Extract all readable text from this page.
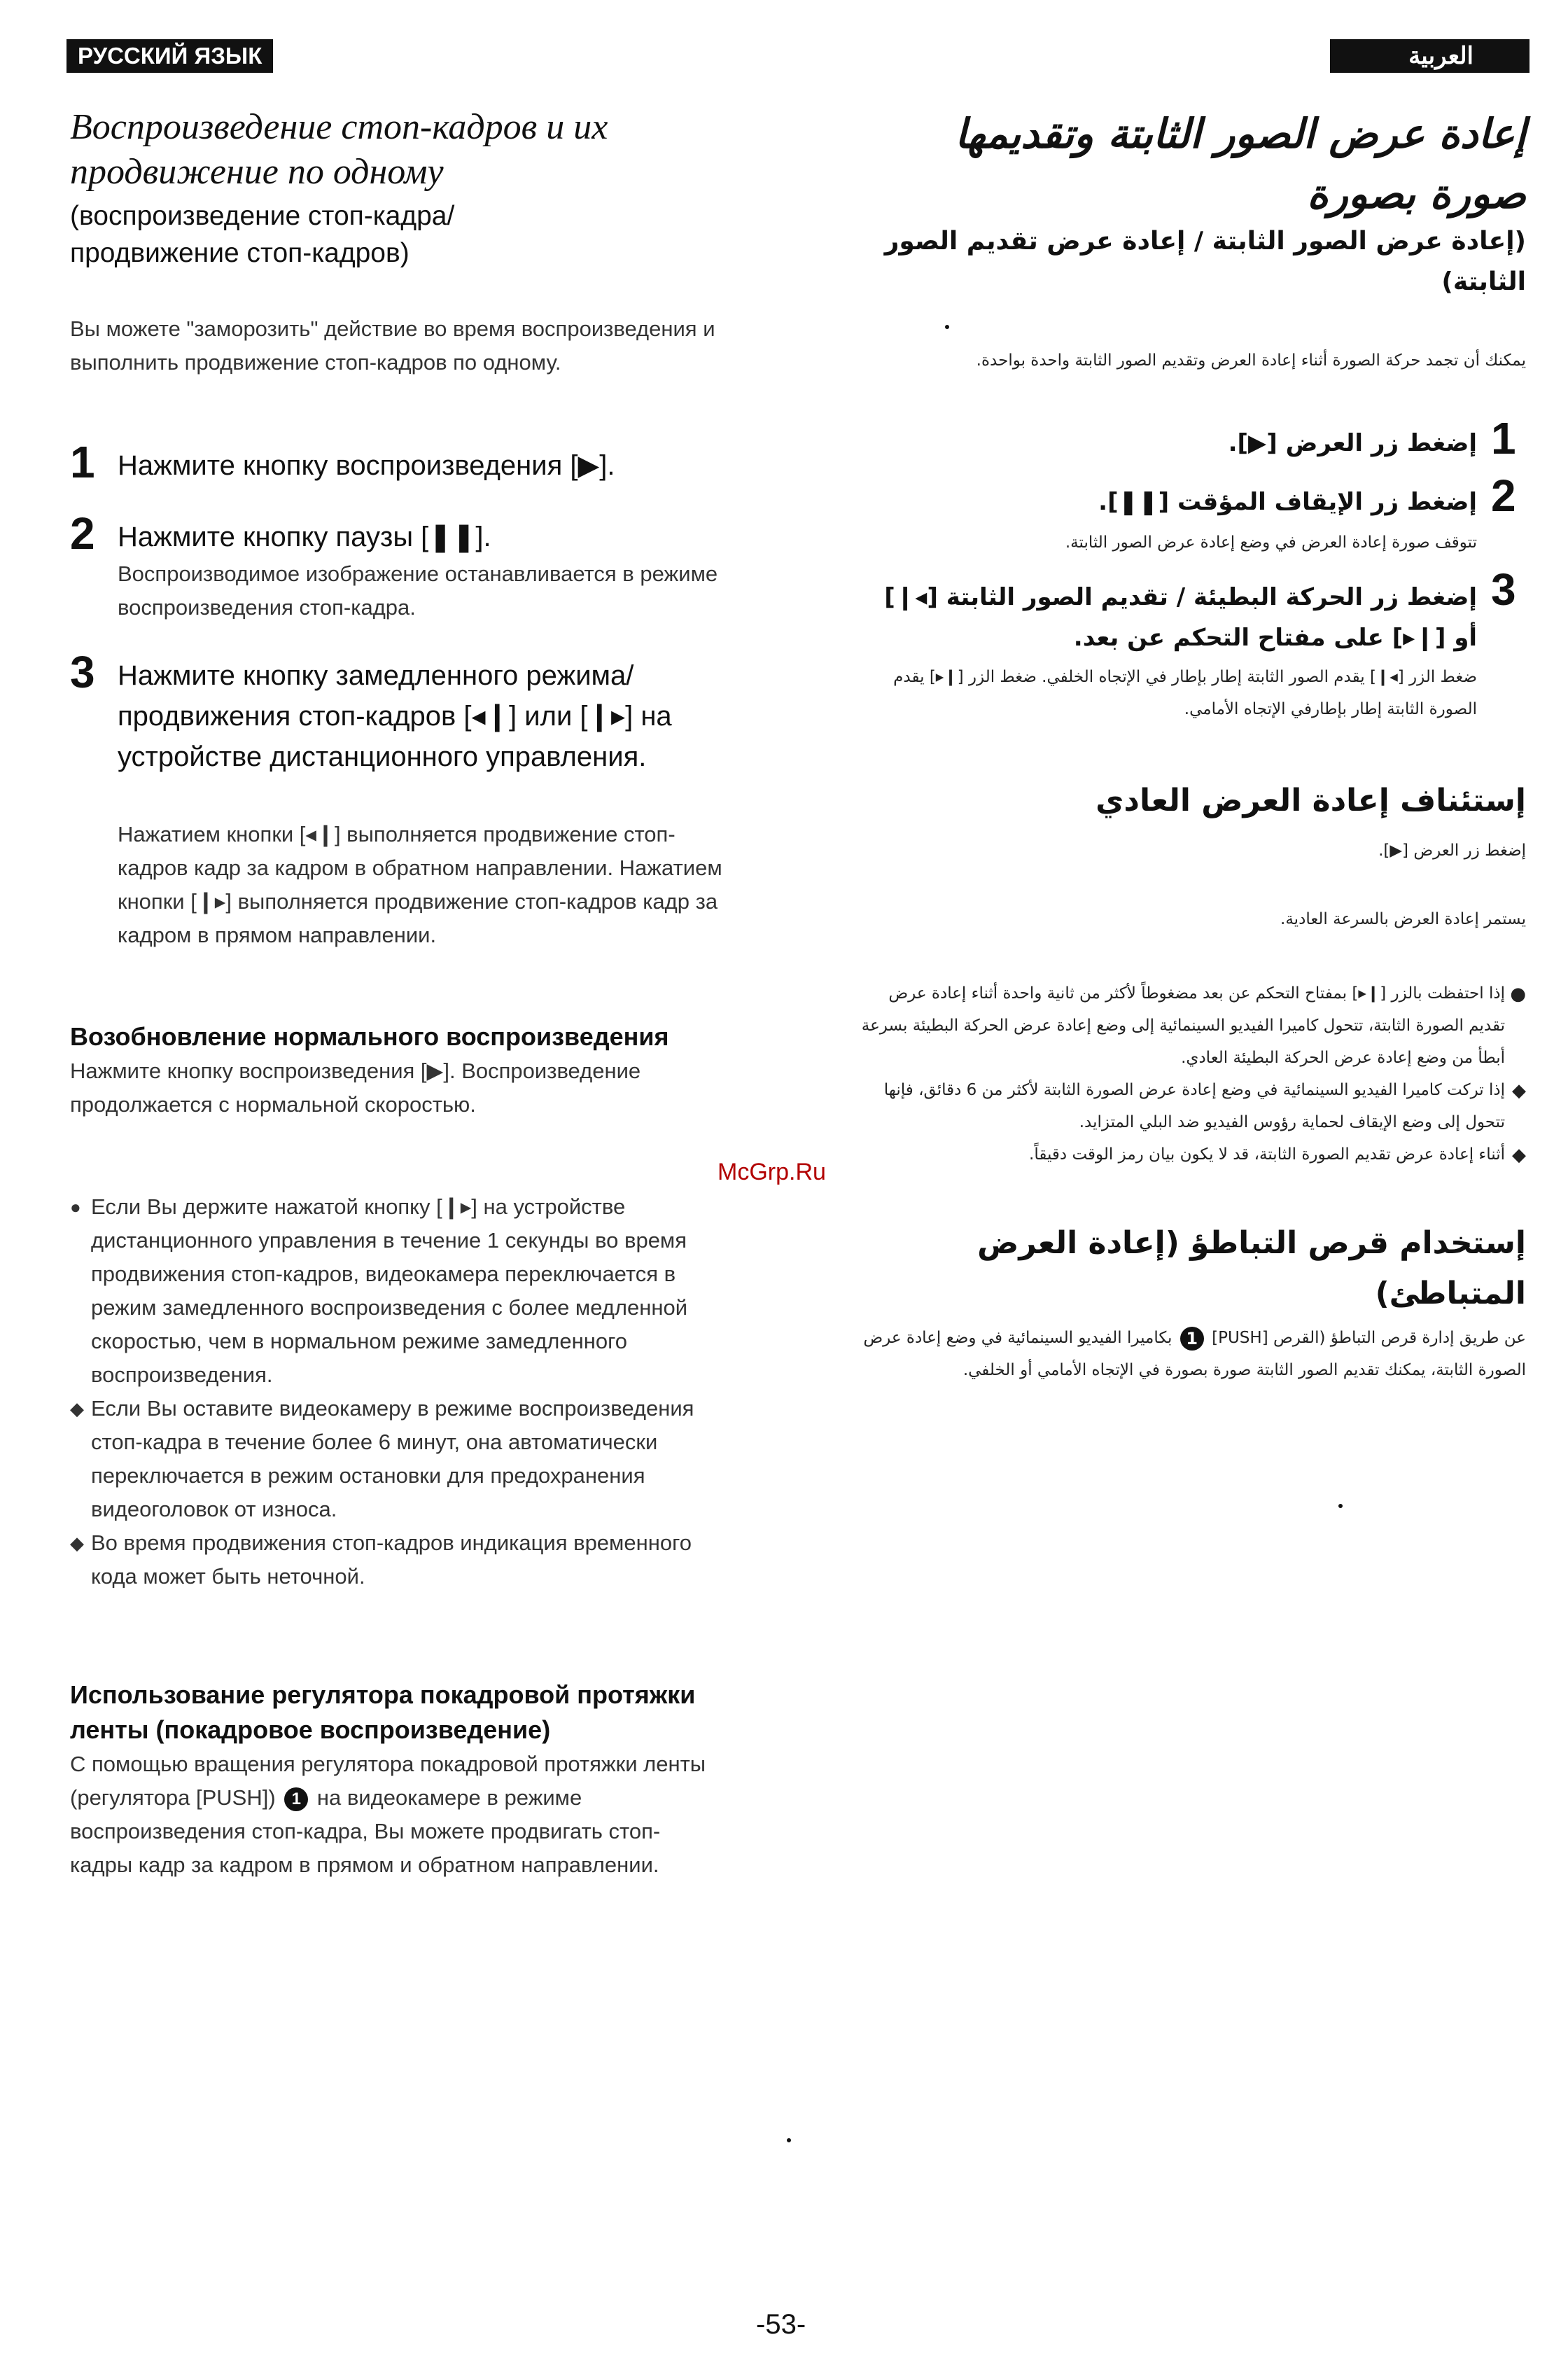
РУССКИЙ ЯЗЫК	العربية
Воспроизведение стоп-кадров и их продвижение по одному
(воспроизведение стоп-кадра/ продвижение стоп-кадров)
Вы можете "заморозить" действие во время воспроизведения и выполнить продвижение стоп-кадров по одному.
1 Нажмите кнопку воспроизведения [▶].
2 Нажмите кнопку паузы [❚❚].
Воспроизводимое изображение останавливается в режиме воспроизведения стоп-кадра.
3 Нажмите кнопку замедленного режима/ продвижения стоп-кадров [◂❙] или [❙▸] на устройстве дистанционного управления.
Нажатием кнопки [◂❙] выполняется продвижение стоп-кадров кадр за кадром в обратном направлении. Нажатием кнопки [❙▸] выполняется продвижение стоп-кадров кадр за кадром в прямом направлении.
Возобновление нормального воспроизведения
Нажмите кнопку воспроизведения [▶]. Воспроизведение продолжается с нормальной скоростью.
● Если Вы держите нажатой кнопку [❙▸] на устройстве дистанционного управления в течение 1 секунды во время продвижения стоп-кадров, видеокамера переключается в режим замедленного воспроизведения с более медленной скоростью, чем в нормальном режиме замедленного воспроизведения.
◆ Если Вы оставите видеокамеру в режиме воспроизведения стоп-кадра в течение более 6 минут, она автоматически переключается в режим остановки для предохранения видеоголовок от износа.
◆ Во время продвижения стоп-кадров индикация временного кода может быть неточной.
Использование регулятора покадровой протяжки ленты (покадровое воспроизведение)
С помощью вращения регулятора покадровой протяжки ленты (регулятора [PUSH]) 1 на видеокамере в режиме воспроизведения стоп-кадра, Вы можете продвигать стоп-кадры кадр за кадром в прямом и обратном направлении.
إعادة عرض الصور الثابتة وتقديمها صورة بصورة
(إعادة عرض الصور الثابتة / إعادة عرض تقديم الصور الثابتة)
يمكنك أن تجمد حركة الصورة أثناء إعادة العرض وتقديم الصور الثابتة واحدة بواحدة.
1
إضغط زر العرض [▶].
2
إضغط زر الإيقاف المؤقت [❚❚].
تتوقف صورة إعادة العرض في وضع إعادة عرض الصور الثابتة.
3
إضغط زر الحركة البطيئة / تقديم الصور الثابتة [◂❙] أو [❙▸] على مفتاح التحكم عن بعد.
ضغط الزر [◂❙] يقدم الصور الثابتة إطار بإطار في الإتجاه الخلفي. ضغط الزر [❙▸] يقدم الصورة الثابتة إطار بإطارفي الإتجاه الأمامي.
إستئناف إعادة العرض العادي
إضغط زر العرض [▶].
يستمر إعادة العرض بالسرعة العادية.
●
إذا احتفظت بالزر [❙▸] بمفتاح التحكم عن بعد مضغوطاً لأكثر من ثانية واحدة أثناء إعادة عرض تقديم الصورة الثابتة، تتحول كاميرا الفيديو السينمائية إلى وضع إعادة عرض الحركة البطيئة بسرعة أبطأ من وضع إعادة عرض الحركة البطيئة العادي.
◆
إذا تركت كاميرا الفيديو السينمائية في وضع إعادة عرض الصورة الثابتة لأكثر من 6 دقائق، فإنها تتحول إلى وضع الإيقاف لحماية رؤوس الفيديو ضد البلي المتزايد.
◆
أثناء إعادة عرض تقديم الصورة الثابتة، قد لا يكون بيان رمز الوقت دقيقاً.
إستخدام قرص التباطؤ (إعادة العرض المتباطئ)
عن طريق إدارة قرص التباطؤ (القرص [PUSH] 1 بكاميرا الفيديو السينمائية في وضع إعادة عرض الصورة الثابتة، يمكنك تقديم الصور الثابتة صورة بصورة في الإتجاه الأمامي أو الخلفي.
McGrp.Ru
-53-
